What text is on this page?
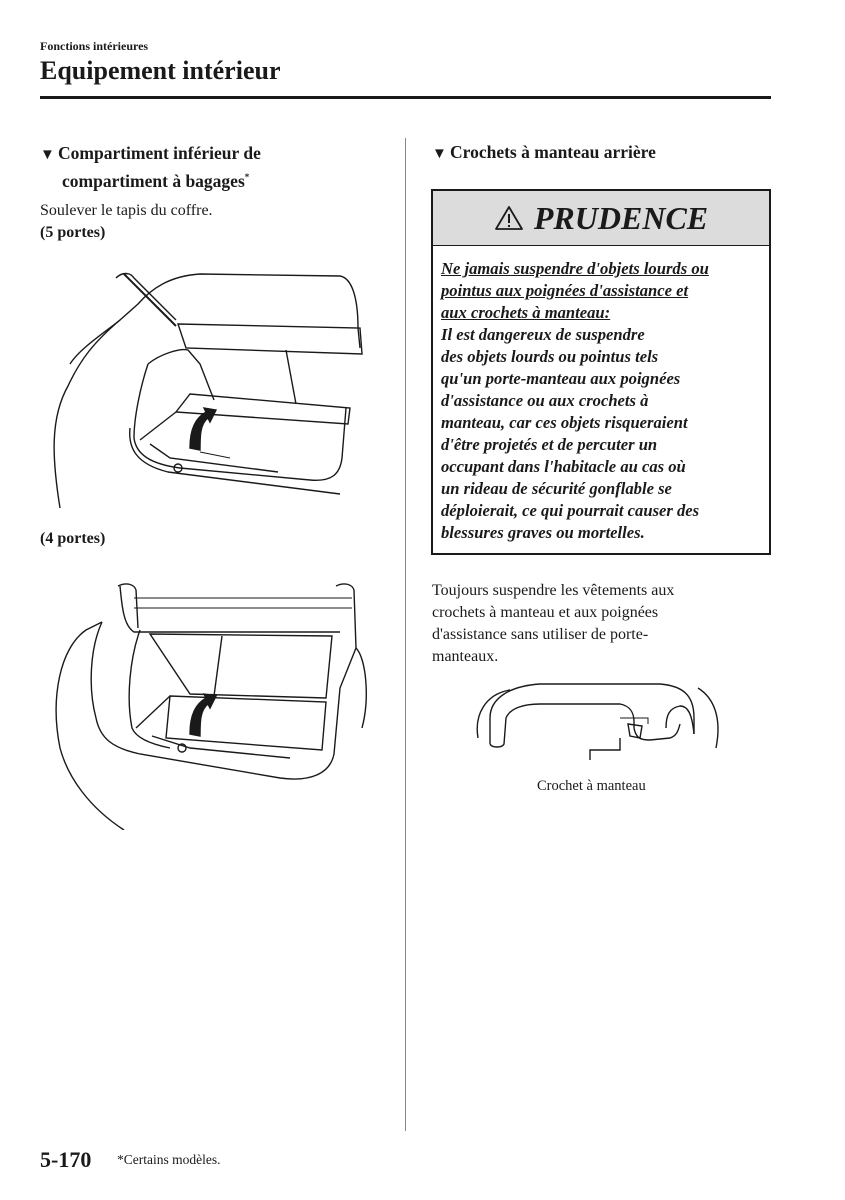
Fonctions intérieures
Equipement intérieur
▼ Compartiment inférieur de
compartiment à bagages*
Soulever le tapis du coffre.
(5 portes)
(4 portes)
▼ Crochets à manteau arrière
PRUDENCE
Ne jamais suspendre d'objets lourds ou
pointus aux poignées d'assistance et
aux crochets à manteau:
Il est dangereux de suspendre
des objets lourds ou pointus tels
qu'un porte-manteau aux poignées
d'assistance ou aux crochets à
manteau, car ces objets risqueraient
d'être projetés et de percuter un
occupant dans l'habitacle au cas où
un rideau de sécurité gonflable se
déploierait, ce qui pourrait causer des
blessures graves ou mortelles.
Toujours suspendre les vêtements aux
crochets à manteau et aux poignées
d'assistance sans utiliser de porte-
manteaux.
Crochet à manteau
5-170 *Certains modèles.
